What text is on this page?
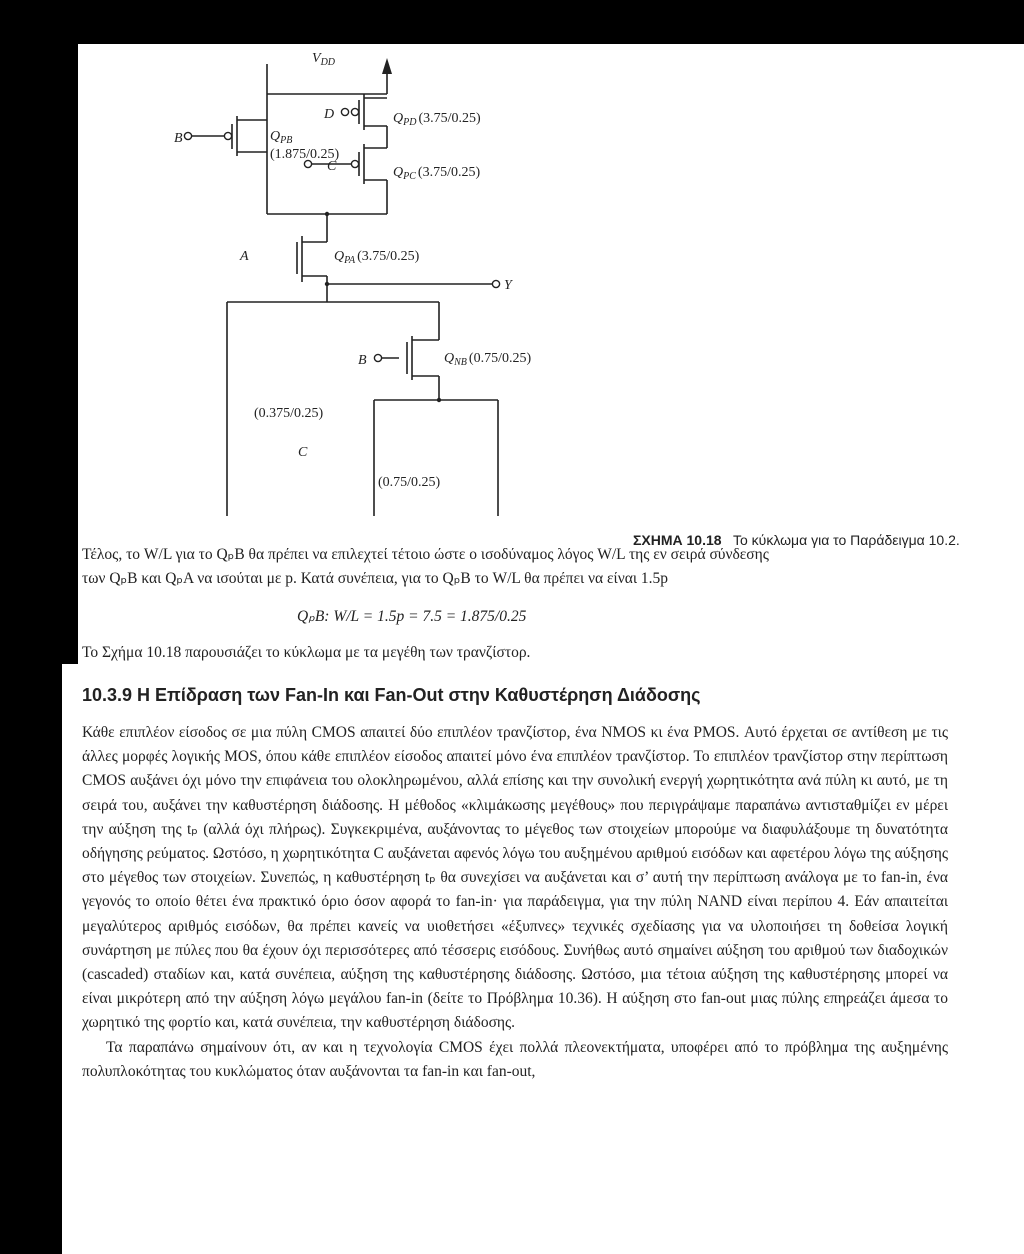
$V_{DD}$
B
D
C
$Q_{PB}$
(1.875/0.25)
$Q_{PD}$ (3.75/0.25)
$Q_{PC}$ (3.75/0.25)
A	$Q_{PA}$ (3.75/0.25)
Y
B	$Q_{NB}$ (0.75/0.25)
(0.375/0.25)
C
(0.75/0.25)
ΣΧΗΜΑ 10.18 Το κύκλωμα για το Παράδειγμα 10.2.
Τέλος, το W/L για το QₚB θα πρέπει να επιλεχτεί τέτοιο ώστε ο ισοδύναμος λόγος W/L της εν σειρά σύνδεσης
των QₚB και QₚA να ισούται με p. Κατά συνέπεια, για το QₚB το W/L θα πρέπει να είναι 1.5p
QₚB: W/L = 1.5p = 7.5 = 1.875/0.25
Το Σχήμα 10.18 παρουσιάζει το κύκλωμα με τα μεγέθη των τρανζίστορ.
10.3.9 Η Επίδραση των Fan-In και Fan-Out στην Καθυστέρηση Διάδοσης

Κάθε επιπλέον είσοδος σε μια πύλη CMOS απαιτεί δύο επιπλέον τρανζίστορ, ένα NMOS κι ένα PMOS. Αυτό έρχεται σε αντίθεση με τις άλλες μορφές λογικής MOS, όπου κάθε επιπλέον είσοδος απαιτεί μόνο ένα επιπλέον τρανζίστορ. Το επιπλέον τρανζίστορ στην περίπτωση CMOS αυξάνει όχι μόνο την επιφάνεια του ολοκληρωμένου, αλλά επίσης και την συνολική ενεργή χωρητικότητα ανά πύλη κι αυτό, με τη σειρά του, αυξάνει την καθυστέρηση διάδοσης. Η μέθοδος «κλιμάκωσης μεγέθους» που περιγράψαμε παραπάνω αντισταθμίζει εν μέρει την αύξηση της tₚ (αλλά όχι πλήρως). Συγκεκριμένα, αυξάνοντας το μέγεθος των στοιχείων μπορούμε να διαφυλάξουμε τη δυνατότητα οδήγησης ρεύματος. Ωστόσο, η χωρητικότητα C αυξάνεται αφενός λόγω του αυξημένου αριθμού εισόδων και αφετέρου λόγω της αύξησης στο μέγεθος των στοιχείων. Συνεπώς, η καθυστέρηση tₚ θα συνεχίσει να αυξάνεται και σ’ αυτή την περίπτωση ανάλογα με το fan-in, ένα γεγονός το οποίο θέτει ένα πρακτικό όριο όσον αφορά το fan-in· για παράδειγμα, για την πύλη NAND είναι περίπου 4. Εάν απαιτείται μεγαλύτερος αριθμός εισόδων, θα πρέπει κανείς να υιοθετήσει «έξυπνες» τεχνικές σχεδίασης για να υλοποιήσει τη δοθείσα λογική συνάρτηση με πύλες που θα έχουν όχι περισσότερες από τέσσερις εισόδους. Συνήθως αυτό σημαίνει αύξηση του αριθμού των διαδοχικών (cascaded) σταδίων και, κατά συνέπεια, αύξηση της καθυστέρησης διάδοσης. Ωστόσο, μια τέτοια αύξηση της καθυστέρησης μπορεί να είναι μικρότερη από την αύξηση λόγω μεγάλου fan-in (δείτε το Πρόβλημα 10.36). Η αύξηση στο fan-out μιας πύλης επηρεάζει άμεσα το χωρητικό της φορτίο και, κατά συνέπεια, την καθυστέρηση διάδοσης.

Τα παραπάνω σημαίνουν ότι, αν και η τεχνολογία CMOS έχει πολλά πλεονεκτήματα, υποφέρει από το πρόβλημα της αυξημένης πολυπλοκότητας του κυκλώματος όταν αυξάνονται τα fan-in και fan-out,
